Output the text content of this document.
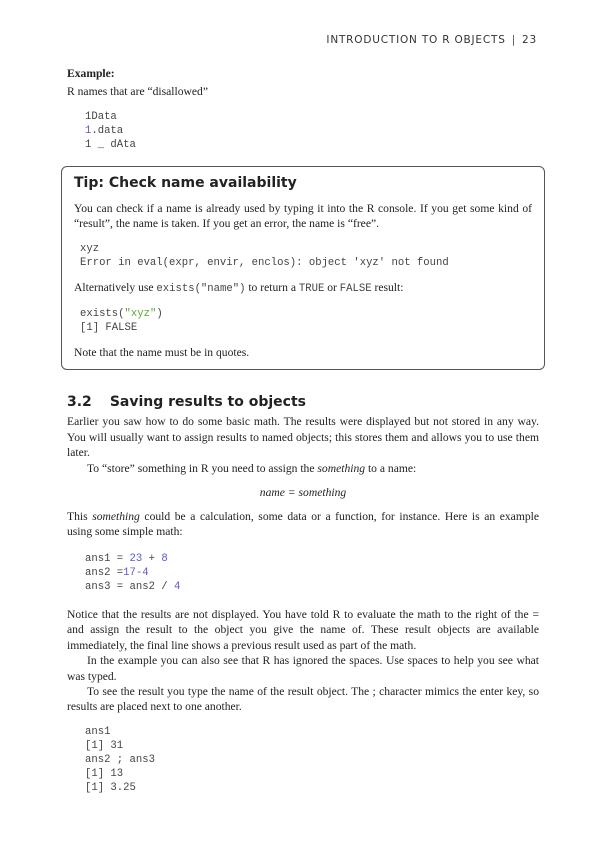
INTRODUCTION TO R OBJECTS | 23

Example:

R names that are “disallowed”

1Data

1.data

1 _ dAta

Tip: Check name availability

You can check if a name is already used by typing it into the R console. If you get some kind of “result”, the name is taken. If you get an error, the name is “free”.

xyz

Error in eval(expr, envir, enclos): object 'xyz' not found

Alternatively use exists("name") to return a TRUE or FALSE result:

exists("xyz")

[1] FALSE

Note that the name must be in quotes.

3.2 Saving results to objects

Earlier you saw how to do some basic math. The results were displayed but not stored in any way. You will usually want to assign results to named objects; this stores them and allows you to use them later.

To “store” something in R you need to assign the something to a name:

name = something

This something could be a calculation, some data or a function, for instance. Here is an example using some simple math:

ans1 = 23 + 8

ans2 =17-4

ans3 = ans2 / 4

Notice that the results are not displayed. You have told R to evaluate the math to the right of the = and assign the result to the object you give the name of. These result objects are available immediately, the final line shows a previous result used as part of the math.

In the example you can also see that R has ignored the spaces. Use spaces to help you see what was typed.

To see the result you type the name of the result object. The ; character mimics the enter key, so results are placed next to one another.

ans1

[1] 31

ans2 ; ans3

[1] 13

[1] 3.25
